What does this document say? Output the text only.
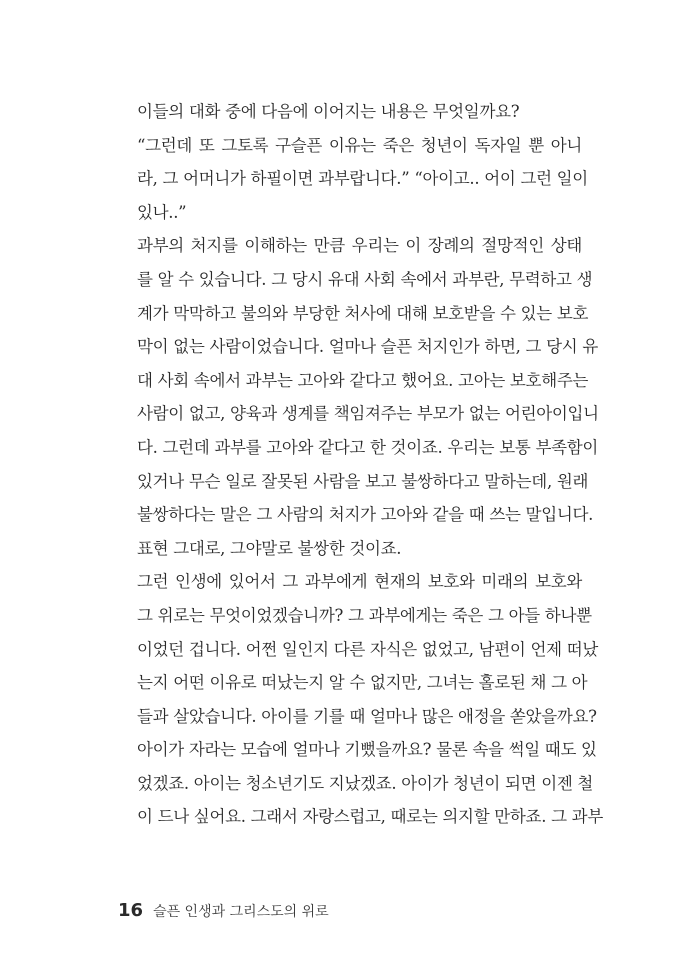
이들의 대화 중에 다음에 이어지는 내용은 무엇일까요?
“그런데 또 그토록 구슬픈 이유는 죽은 청년이 독자일 뿐 아니
라, 그 어머니가 하필이면 과부랍니다.” “아이고.. 어이 그런 일이
있나..”
과부의 처지를 이해하는 만큼 우리는 이 장례의 절망적인 상태
를 알 수 있습니다. 그 당시 유대 사회 속에서 과부란, 무력하고 생
계가 막막하고 불의와 부당한 처사에 대해 보호받을 수 있는 보호
막이 없는 사람이었습니다. 얼마나 슬픈 처지인가 하면, 그 당시 유
대 사회 속에서 과부는 고아와 같다고 했어요. 고아는 보호해주는
사람이 없고, 양육과 생계를 책임져주는 부모가 없는 어린아이입니
다. 그런데 과부를 고아와 같다고 한 것이죠. 우리는 보통 부족함이
있거나 무슨 일로 잘못된 사람을 보고 불쌍하다고 말하는데, 원래
불쌍하다는 말은 그 사람의 처지가 고아와 같을 때 쓰는 말입니다.
표현 그대로, 그야말로 불쌍한 것이죠.
그런 인생에 있어서 그 과부에게 현재의 보호와 미래의 보호와
그 위로는 무엇이었겠습니까? 그 과부에게는 죽은 그 아들 하나뿐
이었던 겁니다. 어쩐 일인지 다른 자식은 없었고, 남편이 언제 떠났
는지 어떤 이유로 떠났는지 알 수 없지만, 그녀는 홀로된 채 그 아
들과 살았습니다. 아이를 기를 때 얼마나 많은 애정을 쏟았을까요?
아이가 자라는 모습에 얼마나 기뻤을까요? 물론 속을 썩일 때도 있
었겠죠. 아이는 청소년기도 지났겠죠. 아이가 청년이 되면 이젠 철
이 드나 싶어요. 그래서 자랑스럽고, 때로는 의지할 만하죠. 그 과부
16 슬픈 인생과 그리스도의 위로
